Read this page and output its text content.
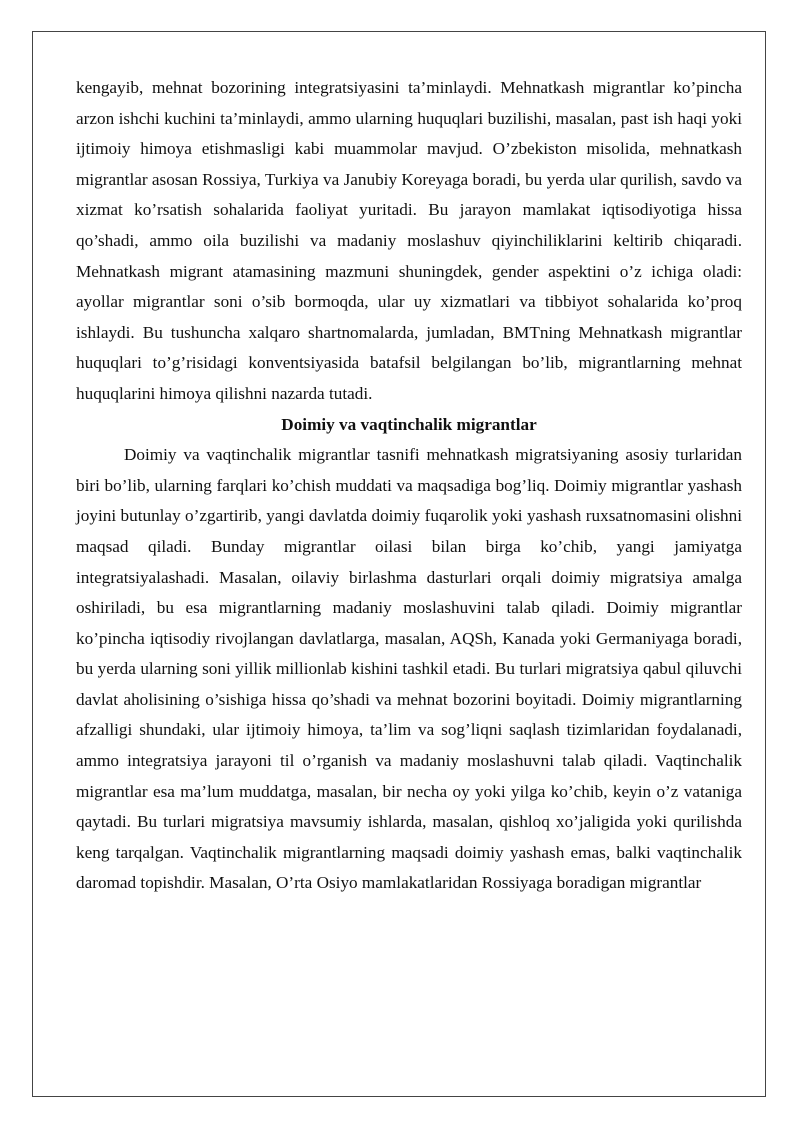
kengayib, mehnat bozorining integratsiyasini ta’minlaydi. Mehnatkash migrantlar ko’pincha arzon ishchi kuchini ta’minlaydi, ammo ularning huquqlari buzilishi, masalan, past ish haqi yoki ijtimoiy himoya etishmasligi kabi muammolar mavjud. O’zbekiston misolida, mehnatkash migrantlar asosan Rossiya, Turkiya va Janubiy Koreyaga boradi, bu yerda ular qurilish, savdo va xizmat ko’rsatish sohalarida faoliyat yuritadi. Bu jarayon mamlakat iqtisodiyotiga hissa qo’shadi, ammo oila buzilishi va madaniy moslashuv qiyinchiliklarini keltirib chiqaradi. Mehnatkash migrant atamasining mazmuni shuningdek, gender aspektini o’z ichiga oladi: ayollar migrantlar soni o’sib bormoqda, ular uy xizmatlari va tibbiyot sohalarida ko’proq ishlaydi. Bu tushuncha xalqaro shartnomalarda, jumladan, BMTning Mehnatkash migrantlar huquqlari to’g’risidagi konventsiyasida batafsil belgilangan bo’lib, migrantlarning mehnat huquqlarini himoya qilishni nazarda tutadi.

Doimiy va vaqtinchalik migrantlar

Doimiy va vaqtinchalik migrantlar tasnifi mehnatkash migratsiyaning asosiy turlaridan biri bo’lib, ularning farqlari ko’chish muddati va maqsadiga bog’liq. Doimiy migrantlar yashash joyini butunlay o’zgartirib, yangi davlatda doimiy fuqarolik yoki yashash ruxsatnomasini olishni maqsad qiladi. Bunday migrantlar oilasi bilan birga ko’chib, yangi jamiyatga integratsiyalashadi. Masalan, oilaviy birlashma dasturlari orqali doimiy migratsiya amalga oshiriladi, bu esa migrantlarning madaniy moslashuvini talab qiladi. Doimiy migrantlar ko’pincha iqtisodiy rivojlangan davlatlarga, masalan, AQSh, Kanada yoki Germaniyaga boradi, bu yerda ularning soni yillik millionlab kishini tashkil etadi. Bu turlari migratsiya qabul qiluvchi davlat aholisining o’sishiga hissa qo’shadi va mehnat bozorini boyitadi. Doimiy migrantlarning afzalligi shundaki, ular ijtimoiy himoya, ta’lim va sog’liqni saqlash tizimlaridan foydalanadi, ammo integratsiya jarayoni til o’rganish va madaniy moslashuvni talab qiladi. Vaqtinchalik migrantlar esa ma’lum muddatga, masalan, bir necha oy yoki yilga ko’chib, keyin o’z vataniga qaytadi. Bu turlari migratsiya mavsumiy ishlarda, masalan, qishloq xo’jaligida yoki qurilishda keng tarqalgan. Vaqtinchalik migrantlarning maqsadi doimiy yashash emas, balki vaqtinchalik daromad topishdir. Masalan, O’rta Osiyo mamlakatlaridan Rossiyaga boradigan migrantlar
